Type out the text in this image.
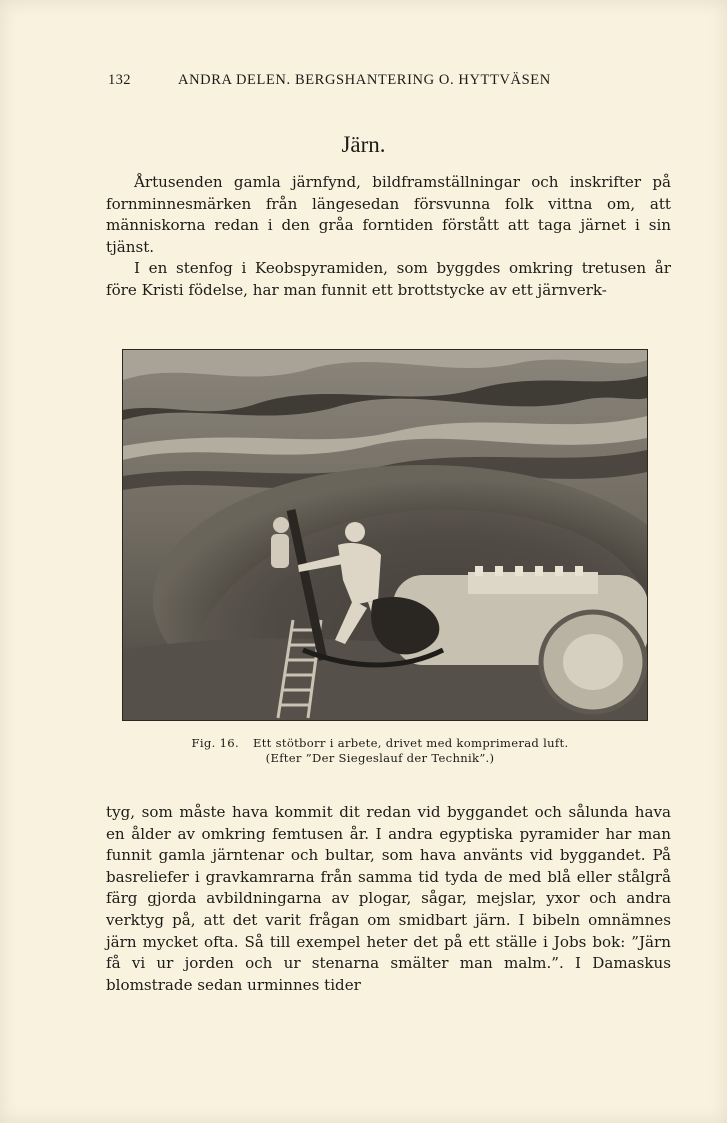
132	ANDRA DELEN. BERGSHANTERING O. HYTTVÄSEN
Järn.

Årtusenden gamla järnfynd, bildframställningar och inskrifter på fornminnesmärken från längesedan försvunna folk vittna om, att människorna redan i den gråa forntiden förstått att taga järnet i sin tjänst.

I en stenfog i Keobspyramiden, som byggdes omkring tretusen år före Kristi födelse, har man funnit ett brottstycke av ett järnverk-

Fig. 16. Ett stötborr i arbete, drivet med komprimerad luft.
(Efter ”Der Siegeslauf der Technik”.)

tyg, som måste hava kommit dit redan vid byggandet och sålunda hava en ålder av omkring femtusen år. I andra egyptiska pyramider har man funnit gamla järntenar och bultar, som hava använts vid byggandet. På basreliefer i gravkamrarna från samma tid tyda de med blå eller stålgrå färg gjorda avbildningarna av plogar, sågar, mejslar, yxor och andra verktyg på, att det varit frågan om smidbart järn. I bibeln omnämnes järn mycket ofta. Så till exempel heter det på ett ställe i Jobs bok: ”Järn få vi ur jorden och ur stenarna smälter man malm.”. I Damaskus blomstrade sedan urminnes tider
